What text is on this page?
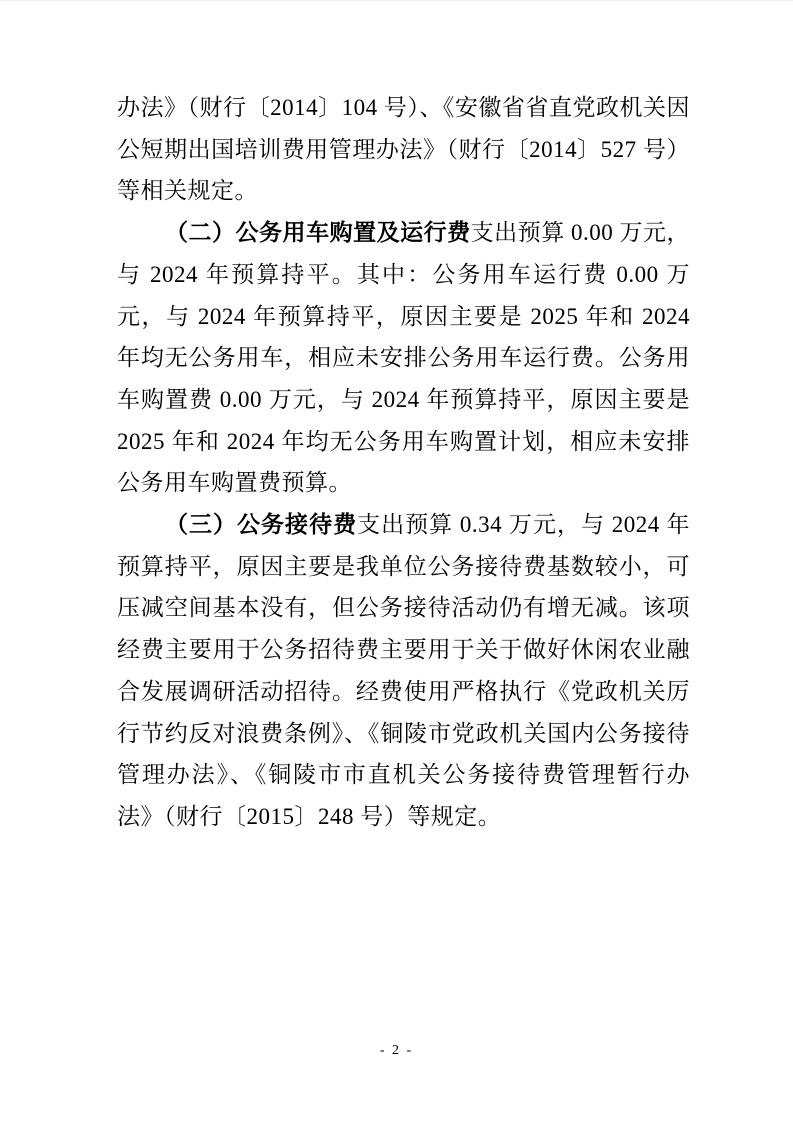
办法》（财行〔2014〕104 号）、《安徽省省直党政机关因公短期出国培训费用管理办法》（财行〔2014〕527 号）等相关规定。

（二）公务用车购置及运行费支出预算 0.00 万元，与 2024 年预算持平。其中：公务用车运行费 0.00 万元，与 2024 年预算持平，原因主要是 2025 年和 2024 年均无公务用车，相应未安排公务用车运行费。公务用车购置费 0.00 万元，与 2024 年预算持平，原因主要是 2025 年和 2024 年均无公务用车购置计划，相应未安排公务用车购置费预算。

（三）公务接待费支出预算 0.34 万元，与 2024 年预算持平，原因主要是我单位公务接待费基数较小，可压减空间基本没有，但公务接待活动仍有增无减。该项经费主要用于公务招待费主要用于关于做好休闲农业融合发展调研活动招待。经费使用严格执行《党政机关厉行节约反对浪费条例》、《铜陵市党政机关国内公务接待管理办法》、《铜陵市市直机关公务接待费管理暂行办法》（财行〔2015〕248 号）等规定。

- 2 -
